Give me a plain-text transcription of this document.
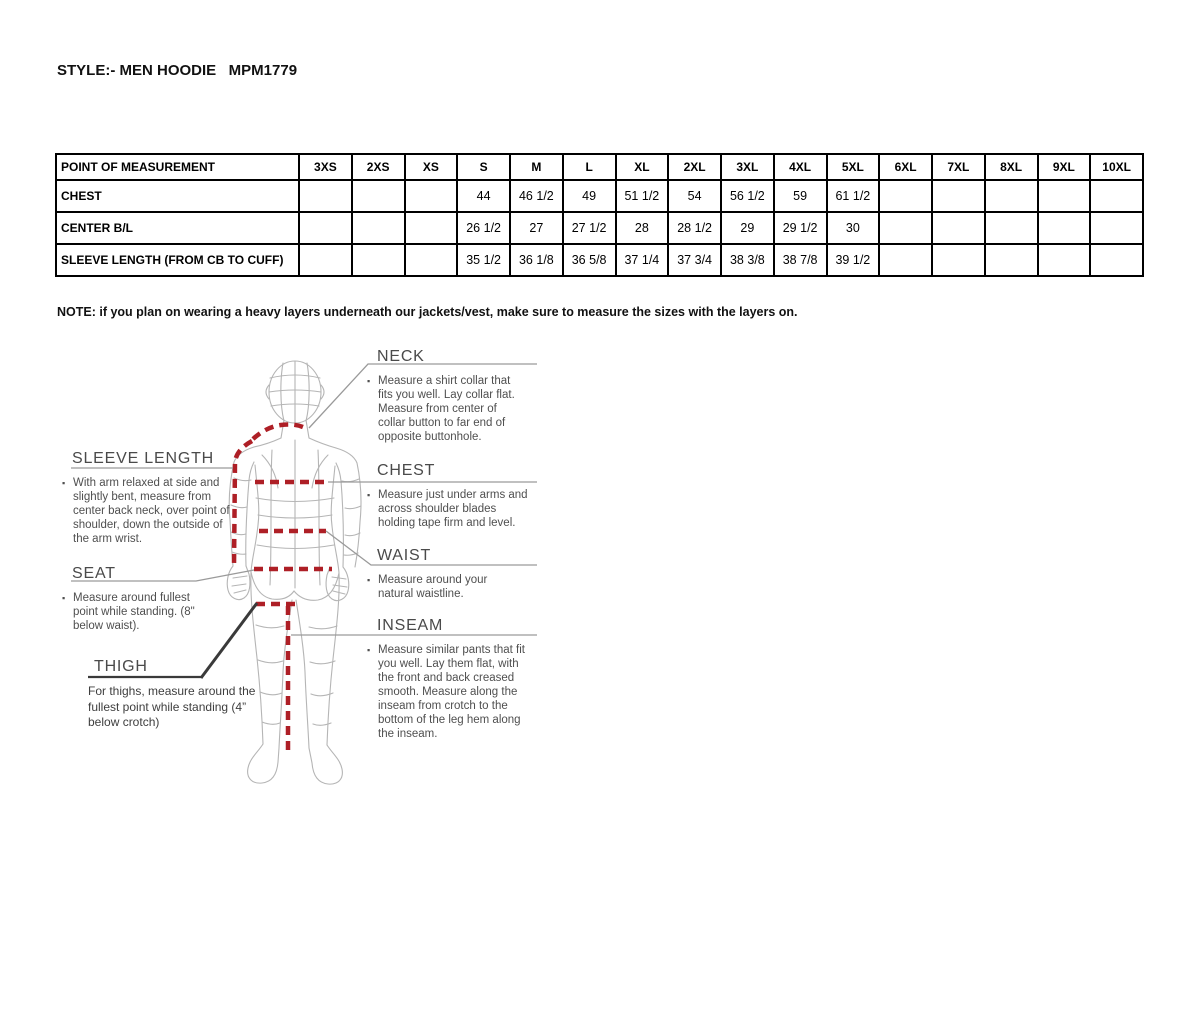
STYLE:- MEN HOODIE   MPM1779
POINT OF MEASUREMENT	3XS	2XS	XS	S	M	L	XL	2XL	3XL	4XL	5XL	6XL	7XL	8XL	9XL	10XL
CHEST				44	46 1/2	49	51 1/2	54	56 1/2	59	61 1/2					
CENTER B/L				26 1/2	27	27 1/2	28	28 1/2	29	29 1/2	30					
SLEEVE LENGTH (FROM CB TO CUFF)				35 1/2	36 1/8	36 5/8	37 1/4	37 3/4	38 3/8	38 7/8	39 1/2					

NOTE: if you plan on wearing a heavy layers underneath our jackets/vest, make sure to measure the sizes with the layers on.

NECK
▪ Measure a shirt collar that fits you well. Lay collar flat. Measure from center of collar button to far end of opposite buttonhole.
SLEEVE LENGTH
▪ With arm relaxed at side and slightly bent, measure from center back neck, over point of shoulder, down the outside of the arm wrist.
CHEST
▪ Measure just under arms and across shoulder blades holding tape firm and level.
WAIST
▪ Measure around your natural waistline.
SEAT
▪ Measure around fullest point while standing. (8" below waist).	INSEAM
▪ Measure similar pants that fit you well. Lay them flat, with the front and back creased smooth. Measure along the inseam from crotch to the bottom of the leg hem along the inseam.
THIGH
For thighs, measure around the fullest point while standing (4” below crotch)
